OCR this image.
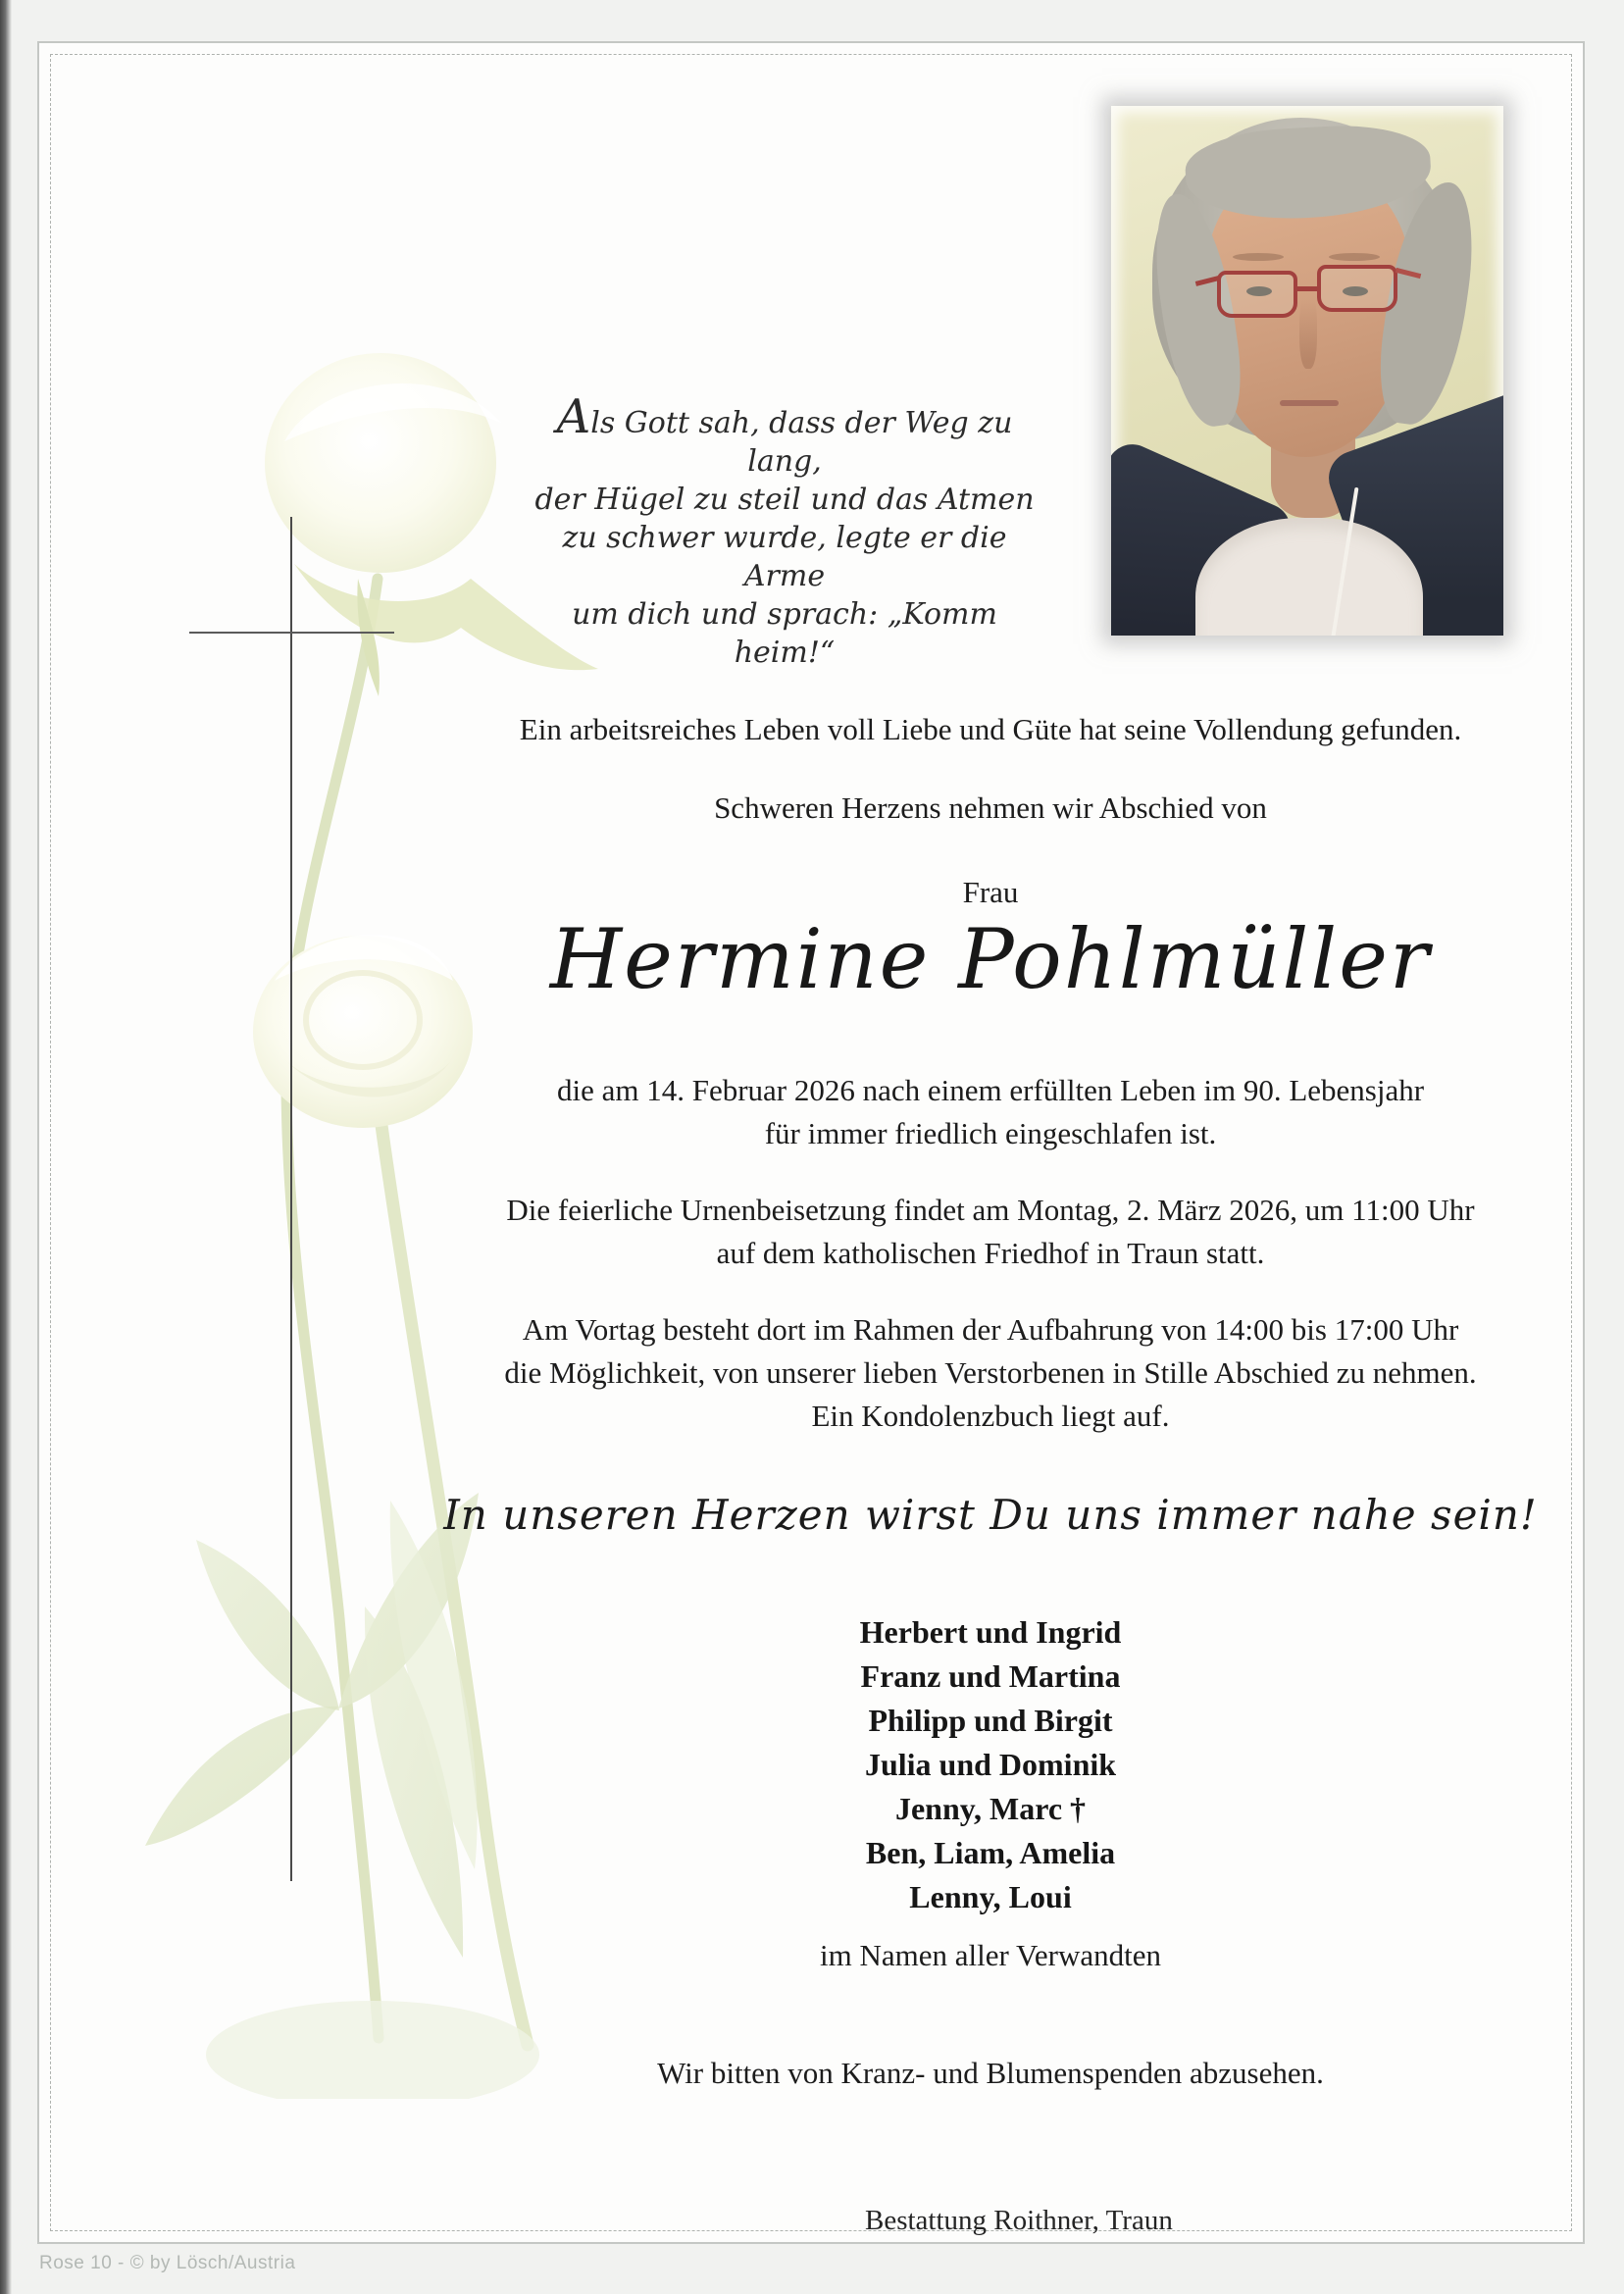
Als Gott sah, dass der Weg zu lang,
der Hügel zu steil und das Atmen
zu schwer wurde, legte er die Arme
um dich und sprach: „Komm heim!“
Ein arbeitsreiches Leben voll Liebe und Güte hat seine Vollendung gefunden.
Schweren Herzens nehmen wir Abschied von
Frau
Hermine Pohlmüller
die am 14. Februar 2026 nach einem erfüllten Leben im 90. Lebensjahr
für immer friedlich eingeschlafen ist.
Die feierliche Urnenbeisetzung findet am Montag, 2. März 2026, um 11:00 Uhr
auf dem katholischen Friedhof in Traun statt.
Am Vortag besteht dort im Rahmen der Aufbahrung von 14:00 bis 17:00 Uhr
die Möglichkeit, von unserer lieben Verstorbenen in Stille Abschied zu nehmen.
Ein Kondolenzbuch liegt auf.
In unseren Herzen wirst Du uns immer nahe sein!
Herbert und Ingrid
Franz und Martina
Philipp und Birgit
Julia und Dominik
Jenny, Marc †
Ben, Liam, Amelia
Lenny, Loui
im Namen aller Verwandten
Wir bitten von Kranz- und Blumenspenden abzusehen.
Bestattung Roithner, Traun
Rose 10 - © by Lösch/Austria
